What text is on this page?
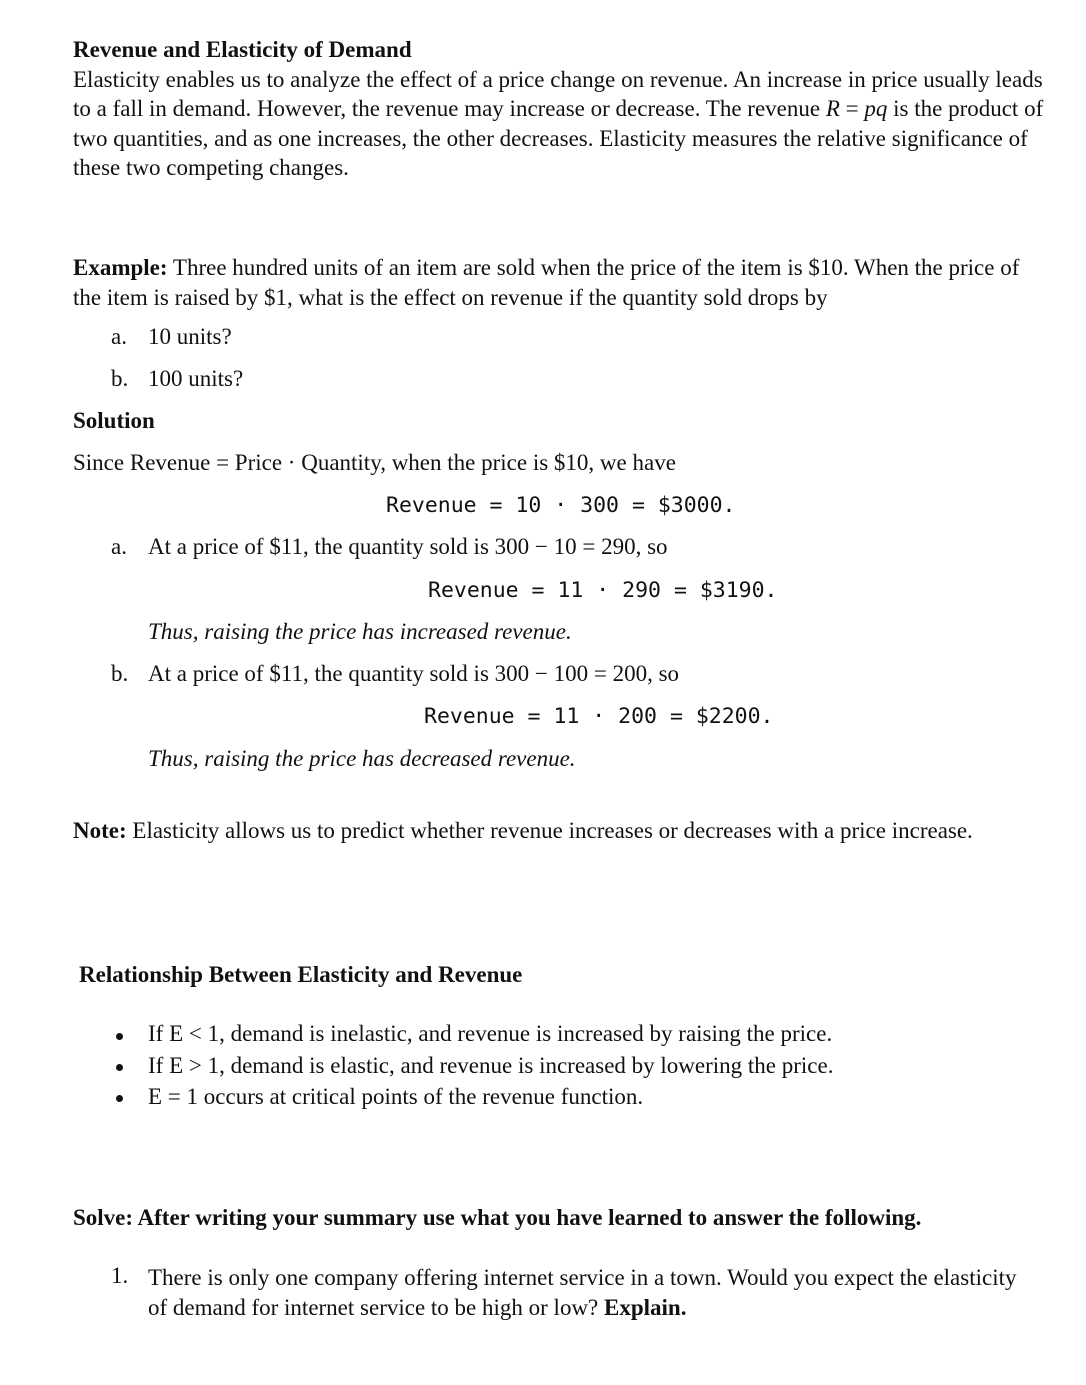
Revenue and Elasticity of Demand
Elasticity enables us to analyze the effect of a price change on revenue. An increase in price usually leads to a fall in demand. However, the revenue may increase or decrease. The revenue R = pq is the product of two quantities, and as one increases, the other decreases. Elasticity measures the relative significance of these two competing changes.
Example: Three hundred units of an item are sold when the price of the item is $10. When the price of the item is raised by $1, what is the effect on revenue if the quantity sold drops by
a. 10 units?
b. 100 units?
Solution
Since Revenue = Price · Quantity, when the price is $10, we have
Revenue = 10 · 300 = $3000.
a. At a price of $11, the quantity sold is 300 − 10 = 290, so
Revenue = 11 · 290 = $3190.
Thus, raising the price has increased revenue.
b. At a price of $11, the quantity sold is 300 − 100 = 200, so
Revenue = 11 · 200 = $2200.
Thus, raising the price has decreased revenue.
Note: Elasticity allows us to predict whether revenue increases or decreases with a price increase.
Relationship Between Elasticity and Revenue
If E < 1, demand is inelastic, and revenue is increased by raising the price.
If E > 1, demand is elastic, and revenue is increased by lowering the price.
E = 1 occurs at critical points of the revenue function.
Solve: After writing your summary use what you have learned to answer the following.
1. There is only one company offering internet service in a town. Would you expect the elasticity of demand for internet service to be high or low? Explain.
